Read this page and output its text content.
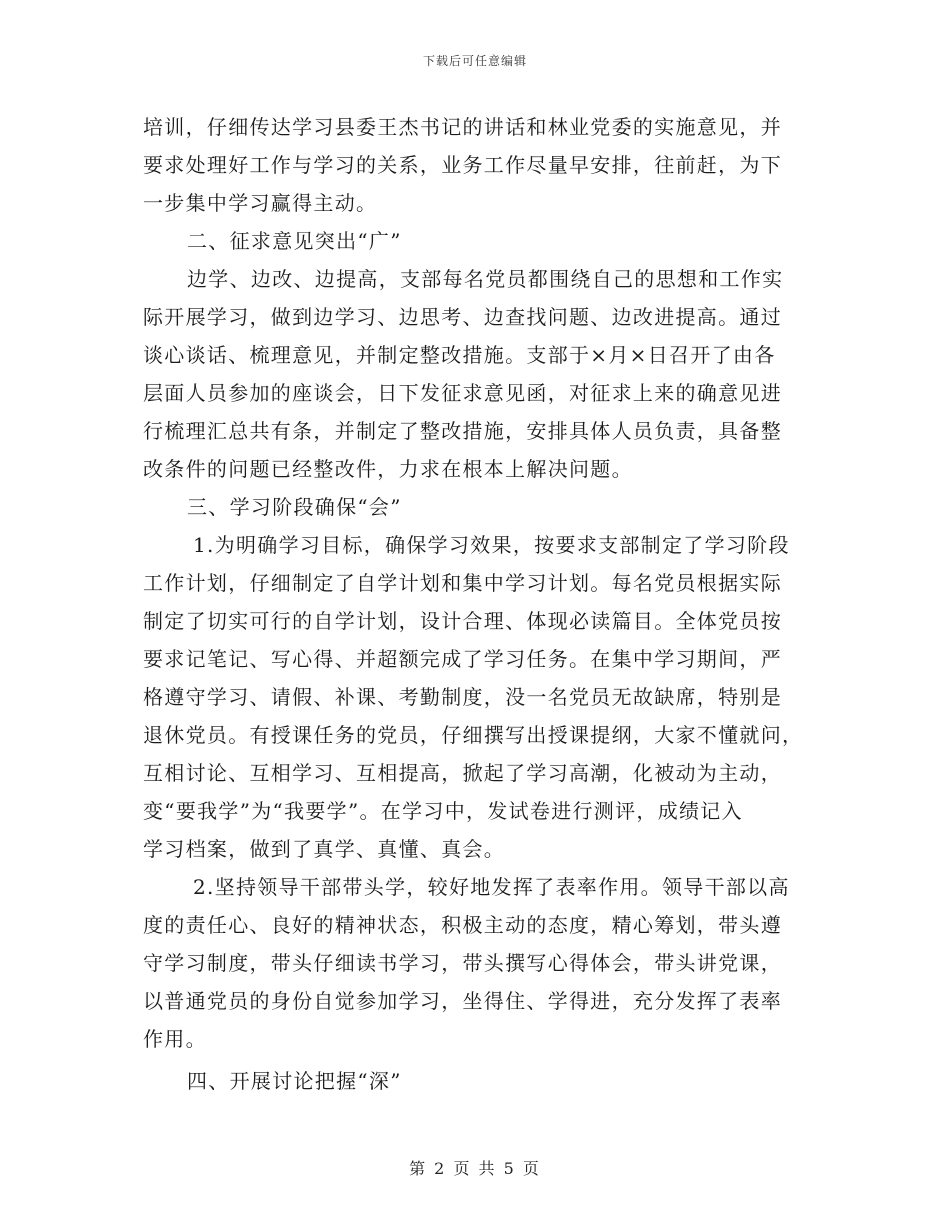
下载后可任意编辑
培训，仔细传达学习县委王杰书记的讲话和林业党委的实施意见，并
要求处理好工作与学习的关系，业务工作尽量早安排，往前赶，为下
一步集中学习赢得主动。
二、征求意见突出“广”
边学、边改、边提高，支部每名党员都围绕自己的思想和工作实
际开展学习，做到边学习、边思考、边查找问题、边改进提高。通过
谈心谈话、梳理意见，并制定整改措施。支部于×月×日召开了由各
层面人员参加的座谈会，日下发征求意见函，对征求上来的确意见进
行梳理汇总共有条，并制定了整改措施，安排具体人员负责，具备整
改条件的问题已经整改件，力求在根本上解决问题。
三、学习阶段确保“会”
1.为明确学习目标，确保学习效果，按要求支部制定了学习阶段
工作计划，仔细制定了自学计划和集中学习计划。每名党员根据实际
制定了切实可行的自学计划，设计合理、体现必读篇目。全体党员按
要求记笔记、写心得、并超额完成了学习任务。在集中学习期间，严
格遵守学习、请假、补课、考勤制度，没一名党员无故缺席，特别是
退休党员。有授课任务的党员，仔细撰写出授课提纲，大家不懂就问，
互相讨论、互相学习、互相提高，掀起了学习高潮，化被动为主动，
变“要我学”为“我要学”。在学习中，发试卷进行测评，成绩记入
学习档案，做到了真学、真懂、真会。
2.坚持领导干部带头学，较好地发挥了表率作用。领导干部以高
度的责任心、良好的精神状态，积极主动的态度，精心筹划，带头遵
守学习制度，带头仔细读书学习，带头撰写心得体会，带头讲党课，
以普通党员的身份自觉参加学习，坐得住、学得进，充分发挥了表率
作用。
四、开展讨论把握“深”
第 2 页 共 5 页
